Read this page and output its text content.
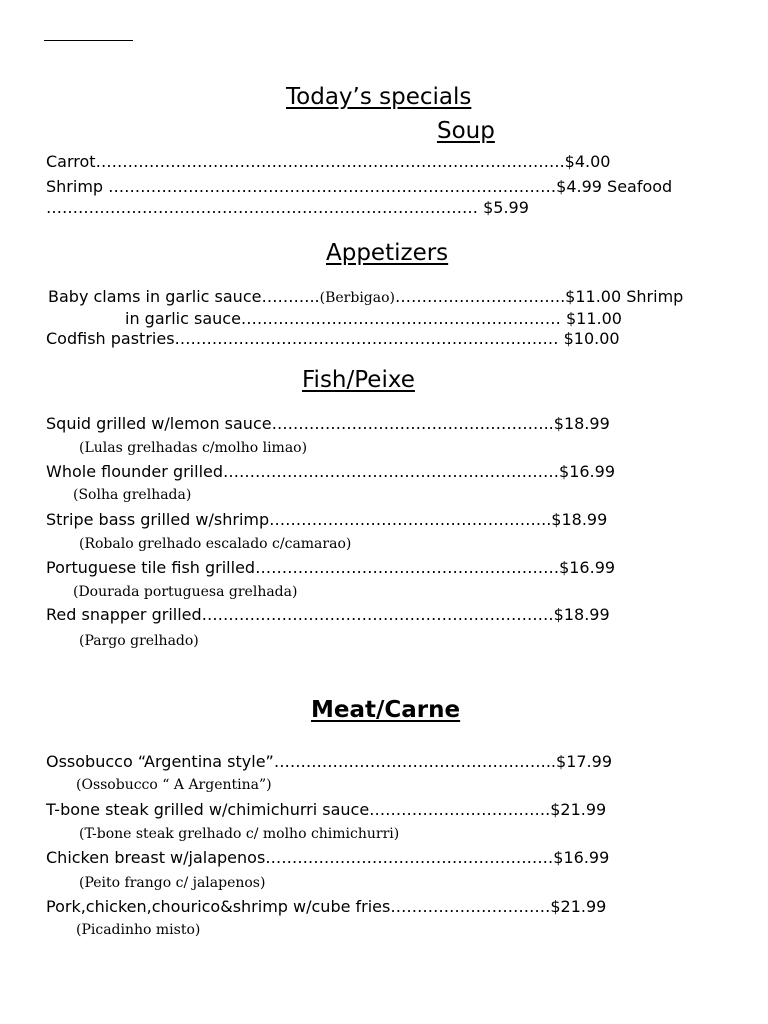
Today’s specials
Soup
Carrot…………………………………………………………………………….$4.00
Shrimp …………………………………………………………………………$4.99 Seafood
……………………………………………………………………… $5.99
Appetizers
Baby clams in garlic sauce………..(Berbigao)…………………………..$11.00 Shrimp
in garlic sauce…………………………………………………… $11.00
Codfish pastries……………………………………………………………… $10.00
Fish/Peixe
Squid grilled w/lemon sauce……………………………………………..$18.99
(Lulas grelhadas c/molho limao)
Whole flounder grilled………………………………………………………$16.99
(Solha grelhada)
Stripe bass grilled w/shrimp……………………………………………..$18.99
(Robalo grelhado escalado c/camarao)
Portuguese tile fish grilled…………………………………………………$16.99
(Dourada portuguesa grelhada)
Red snapper grilled…………………………………………………………$18.99
(Pargo grelhado)
Meat/Carne
Ossobucco “Argentina style”……………………………………………..$17.99
(Ossobucco “ A Argentina”)
T-bone steak grilled w/chimichurri sauce…………………………….$21.99
(T-bone steak grelhado c/ molho chimichurri)
Chicken breast w/jalapenos………………………………………………$16.99
(Peito frango c/ jalapenos)
Pork,chicken,chourico&shrimp w/cube fries…………………………$21.99
(Picadinho misto)
